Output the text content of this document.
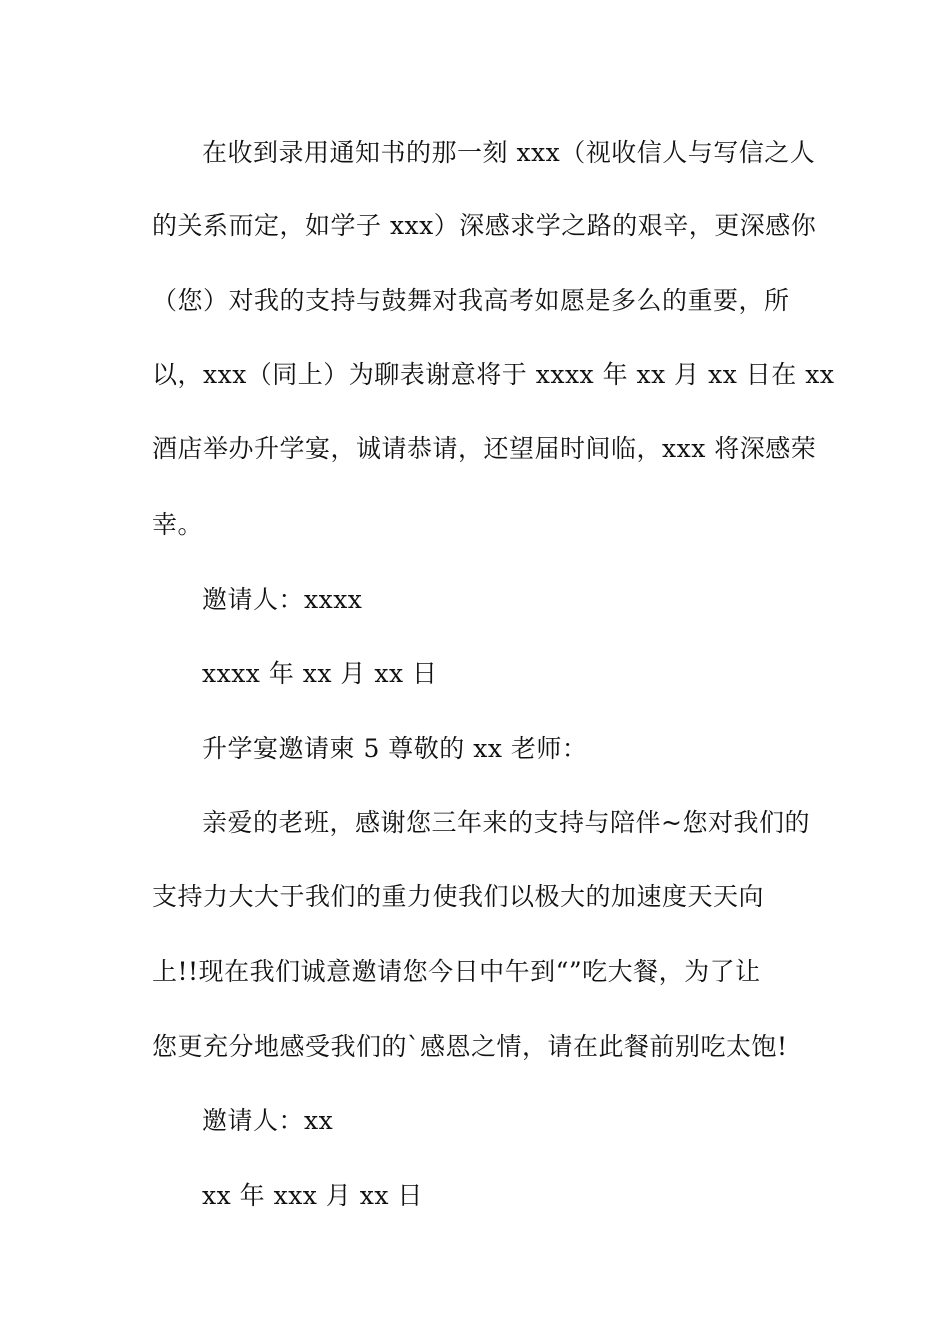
在收到录用通知书的那一刻 xxx（视收信人与写信之人
的关系而定，如学子 xxx）深感求学之路的艰辛，更深感你
（您）对我的支持与鼓舞对我高考如愿是多么的重要，所
以，xxx（同上）为聊表谢意将于 xxxx 年 xx 月 xx 日在 xx
酒店举办升学宴，诚请恭请，还望届时间临，xxx 将深感荣
幸。
邀请人：xxxx
xxxx 年 xx 月 xx 日
升学宴邀请柬 5 尊敬的 xx 老师：
亲爱的老班，感谢您三年来的支持与陪伴~您对我们的
支持力大大于我们的重力使我们以极大的加速度天天向
上!!现在我们诚意邀请您今日中午到“”吃大餐，为了让
您更充分地感受我们的`感恩之情，请在此餐前别吃太饱!
邀请人：xx
xx 年 xxx 月 xx 日
